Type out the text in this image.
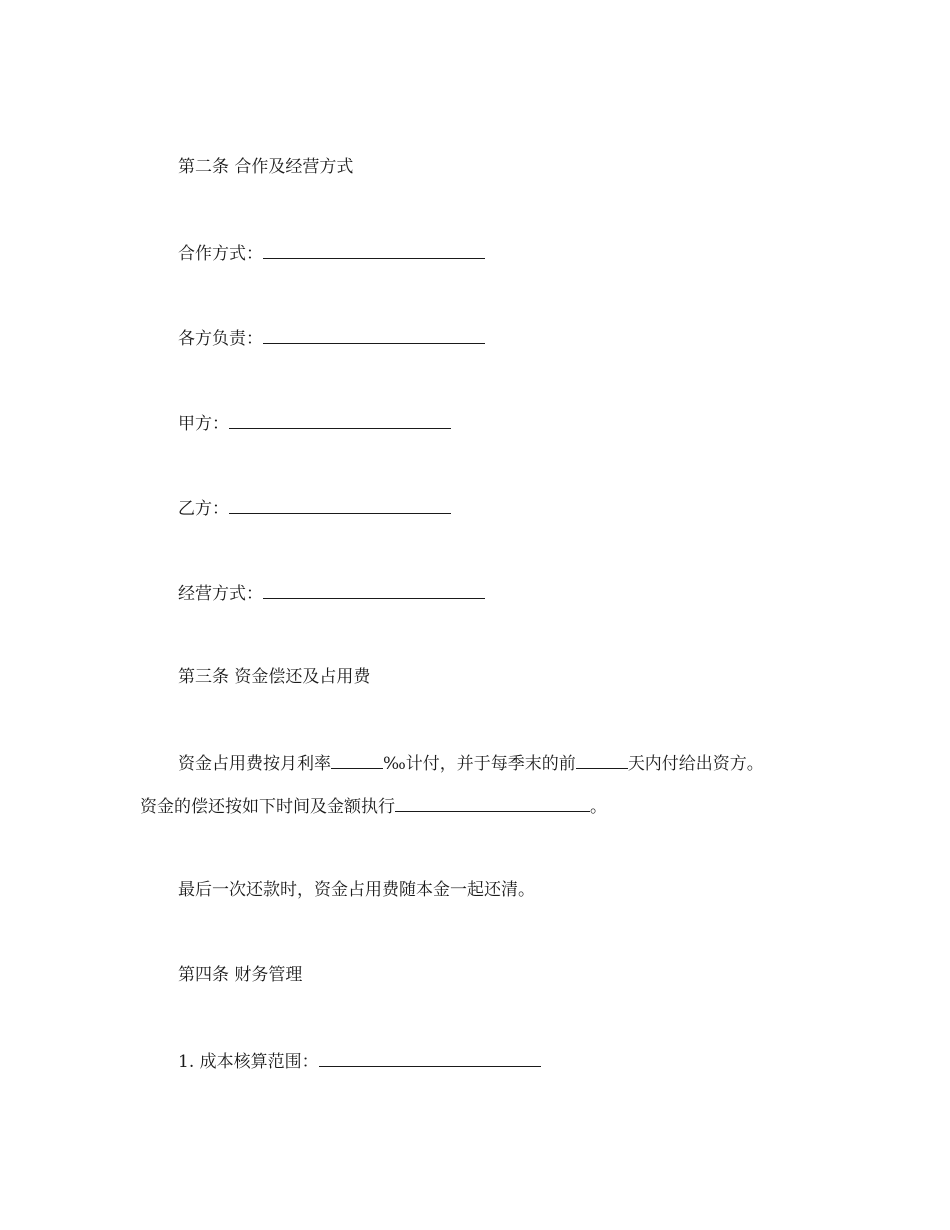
第二条 合作及经营方式
合作方式：
各方负责：
甲方：
乙方：
经营方式：
第三条 资金偿还及占用费
资金占用费按月利率	‰计付，并于每季末的前	天内付给出资方。
资金的偿还按如下时间及金额执行	。
最后一次还款时，资金占用费随本金一起还清。
第四条 财务管理
1. 成本核算范围：
